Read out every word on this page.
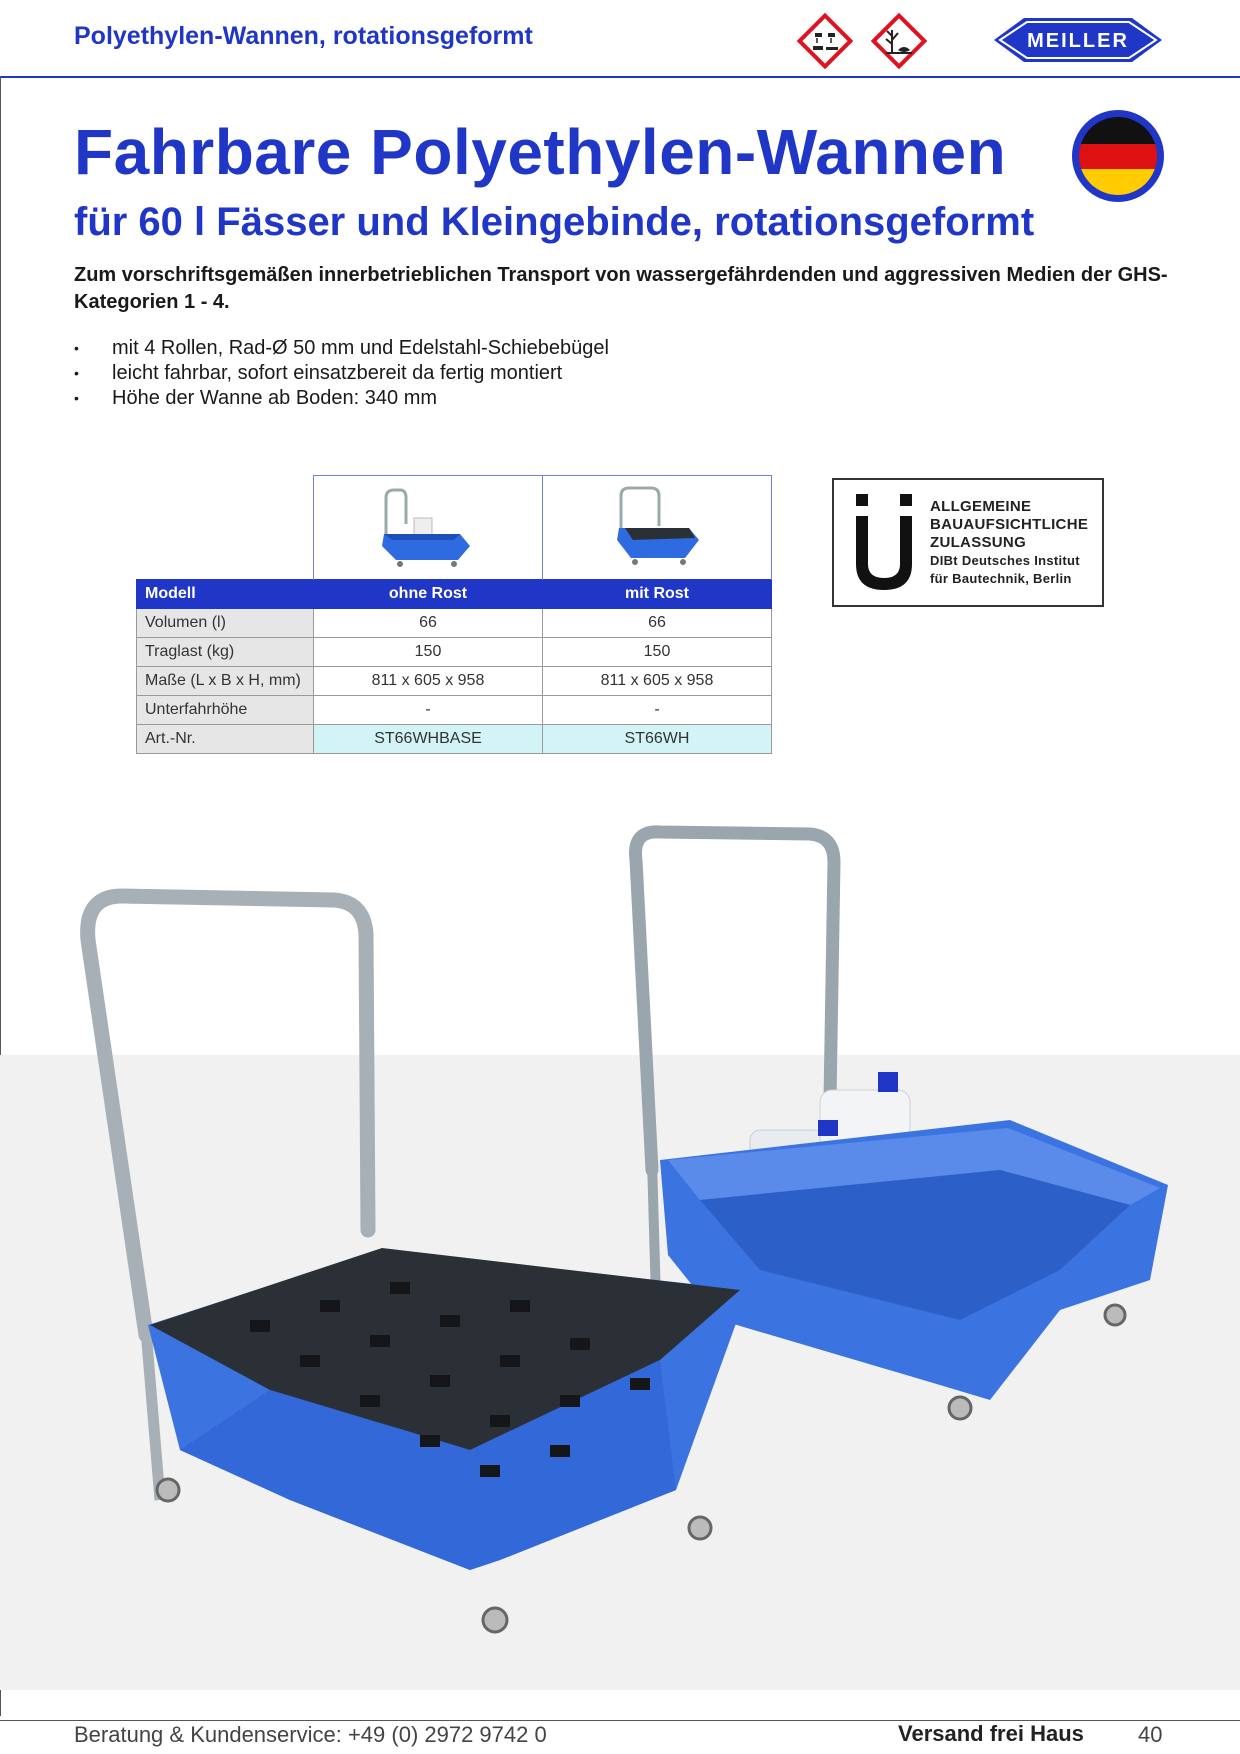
Polyethylen-Wannen, rotationsgeformt	MEILLER
Fahrbare Polyethylen-Wannen
für 60 l Fässer und Kleingebinde, rotationsgeformt
Zum vorschriftsgemäßen innerbetrieblichen Transport von wassergefährdenden und aggressiven Medien der GHS-Kategorien 1 - 4.
• mit 4 Rollen, Rad-Ø 50 mm und Edelstahl-Schiebebügel
• leicht fahrbar, sofort einsatzbereit da fertig montiert
• Höhe der Wanne ab Boden: 340 mm

Modell	ohne Rost	mit Rost
Volumen (l)	66	66
Traglast (kg)	150	150
Maße (L x B x H, mm)	811 x 605 x 958	811 x 605 x 958
Unterfahrhöhe	-	-
Art.-Nr.	ST66WHBASE	ST66WH
ALLGEMEINE
BAUAUFSICHTLICHE
ZULASSUNG
DIBt Deutsches Institut
für Bautechnik, Berlin
Beratung & Kundenservice: +49 (0) 2972 9742 0	Versand frei Haus 40
